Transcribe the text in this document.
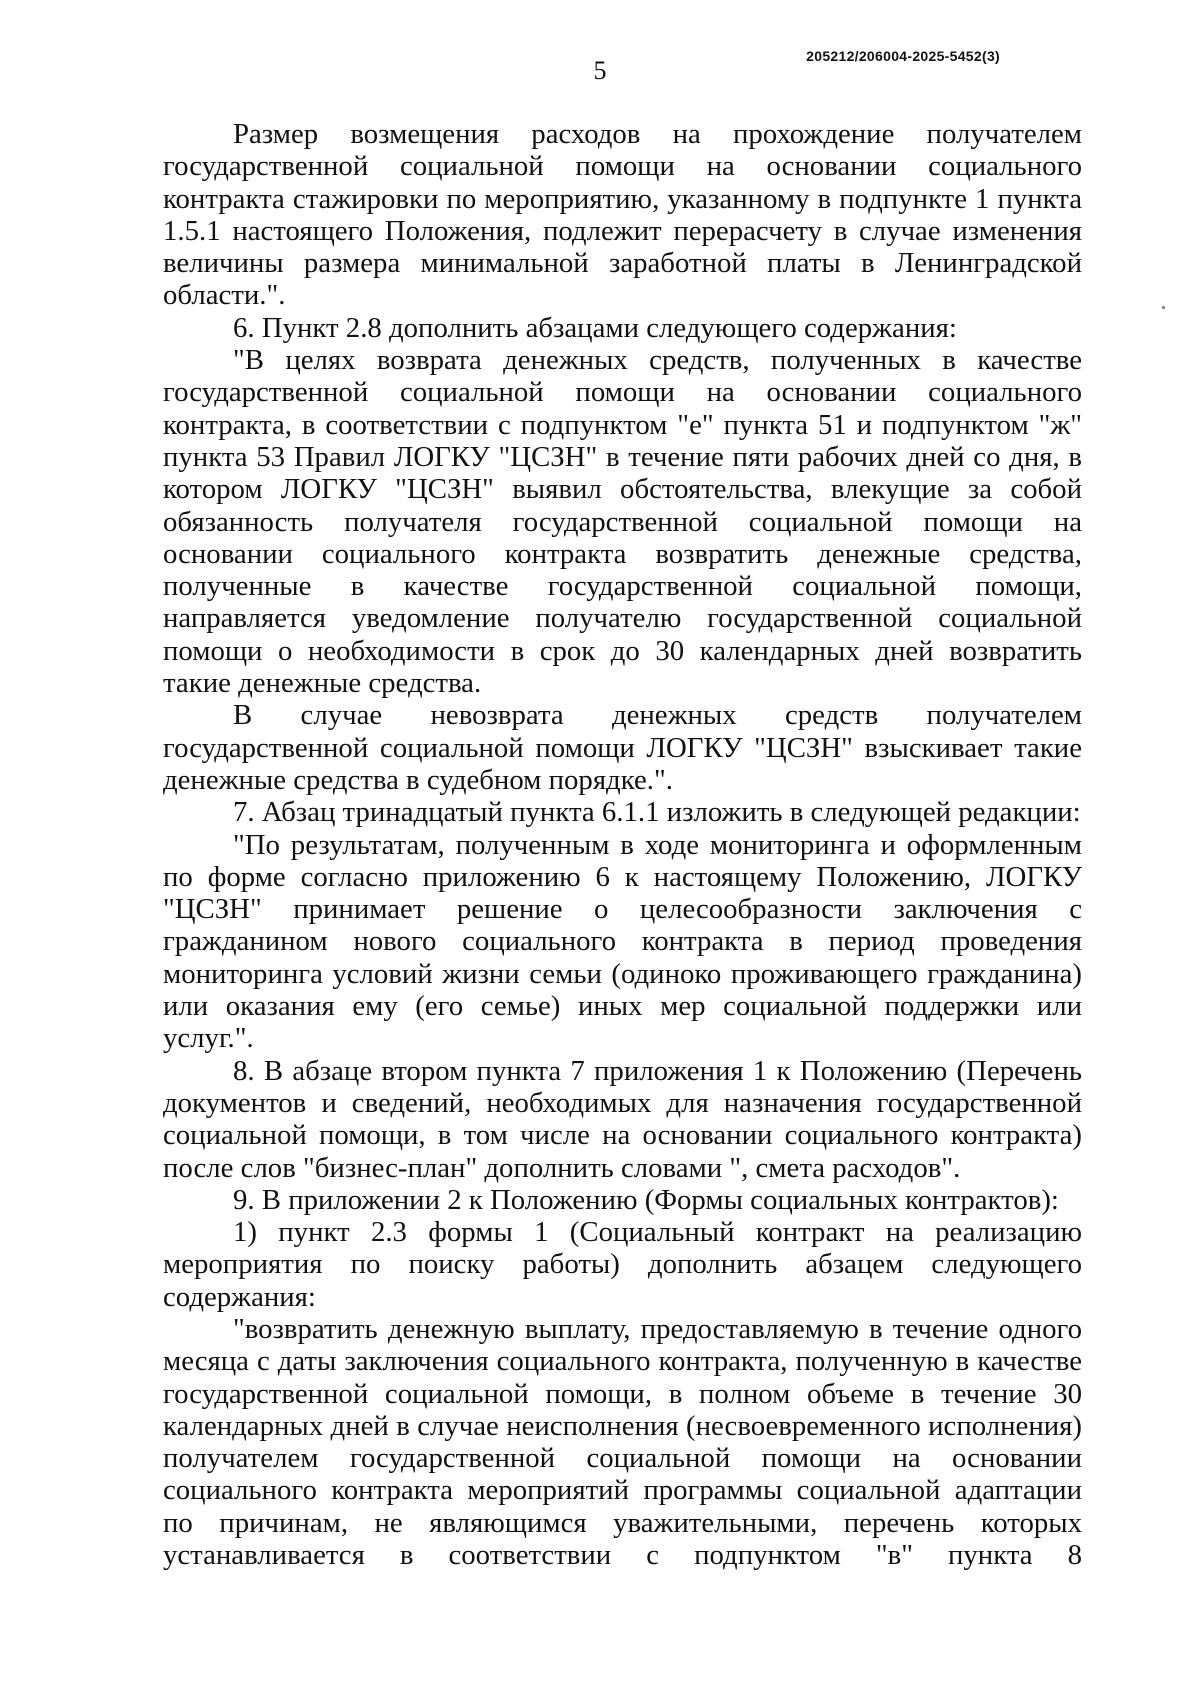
5	205212/206004-2025-5452(3)

Размер возмещения расходов на прохождение получателем государственной социальной помощи на основании социального контракта стажировки по мероприятию, указанному в подпункте 1 пункта 1.5.1 настоящего Положения, подлежит перерасчету в случае изменения величины размера минимальной заработной платы в Ленинградской области.".

6. Пункт 2.8 дополнить абзацами следующего содержания:

"В целях возврата денежных средств, полученных в качестве государственной социальной помощи на основании социального контракта, в соответствии с подпунктом "е" пункта 51 и подпунктом "ж" пункта 53 Правил ЛОГКУ "ЦСЗН" в течение пяти рабочих дней со дня, в котором ЛОГКУ "ЦСЗН" выявил обстоятельства, влекущие за собой обязанность получателя государственной социальной помощи на основании социального контракта возвратить денежные средства, полученные в качестве государственной социальной помощи, направляется уведомление получателю государственной социальной помощи о необходимости в срок до 30 календарных дней возвратить такие денежные средства.

В случае невозврата денежных средств получателем государственной социальной помощи ЛОГКУ "ЦСЗН" взыскивает такие денежные средства в судебном порядке.".

7. Абзац тринадцатый пункта 6.1.1 изложить в следующей редакции:

"По результатам, полученным в ходе мониторинга и оформленным по форме согласно приложению 6 к настоящему Положению, ЛОГКУ "ЦСЗН" принимает решение о целесообразности заключения с гражданином нового социального контракта в период проведения мониторинга условий жизни семьи (одиноко проживающего гражданина) или оказания ему (его семье) иных мер социальной поддержки или услуг.".

8. В абзаце втором пункта 7 приложения 1 к Положению (Перечень документов и сведений, необходимых для назначения государственной социальной помощи, в том числе на основании социального контракта) после слов "бизнес-план" дополнить словами ", смета расходов".

9. В приложении 2 к Положению (Формы социальных контрактов):

1) пункт 2.3 формы 1 (Социальный контракт на реализацию мероприятия по поиску работы) дополнить абзацем следующего содержания:

"возвратить денежную выплату, предоставляемую в течение одного месяца с даты заключения социального контракта, полученную в качестве государственной социальной помощи, в полном объеме в течение 30 календарных дней в случае неисполнения (несвоевременного исполнения) получателем государственной социальной помощи на основании социального контракта мероприятий программы социальной адаптации по причинам, не являющимся уважительными, перечень которых устанавливается в соответствии с подпунктом "в" пункта 8
